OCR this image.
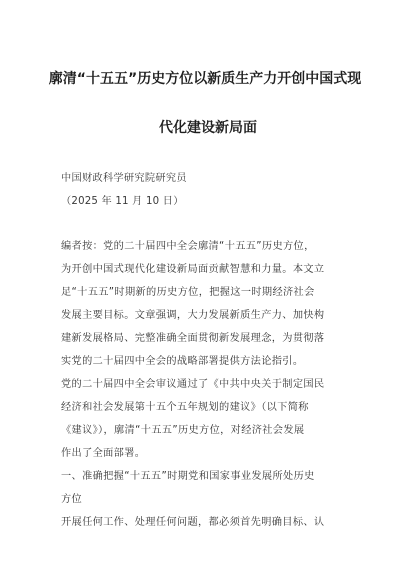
廓清“十五五”历史方位以新质生产力开创中国式现
代化建设新局面
中国财政科学研究院研究员
（2025 年 11 月 10 日）
编者按：党的二十届四中全会廓清“十五五”历史方位，
为开创中国式现代化建设新局面贡献智慧和力量。本文立
足“十五五”时期新的历史方位，把握这一时期经济社会
发展主要目标。文章强调，大力发展新质生产力、加快构
建新发展格局、完整准确全面贯彻新发展理念，为贯彻落
实党的二十届四中全会的战略部署提供方法论指引。
党的二十届四中全会审议通过了《中共中央关于制定国民
经济和社会发展第十五个五年规划的建议》（以下简称
《建议》），廓清“十五五”历史方位，对经济社会发展
作出了全面部署。
一、准确把握“十五五”时期党和国家事业发展所处历史
方位
开展任何工作、处理任何问题，都必须首先明确目标、认
